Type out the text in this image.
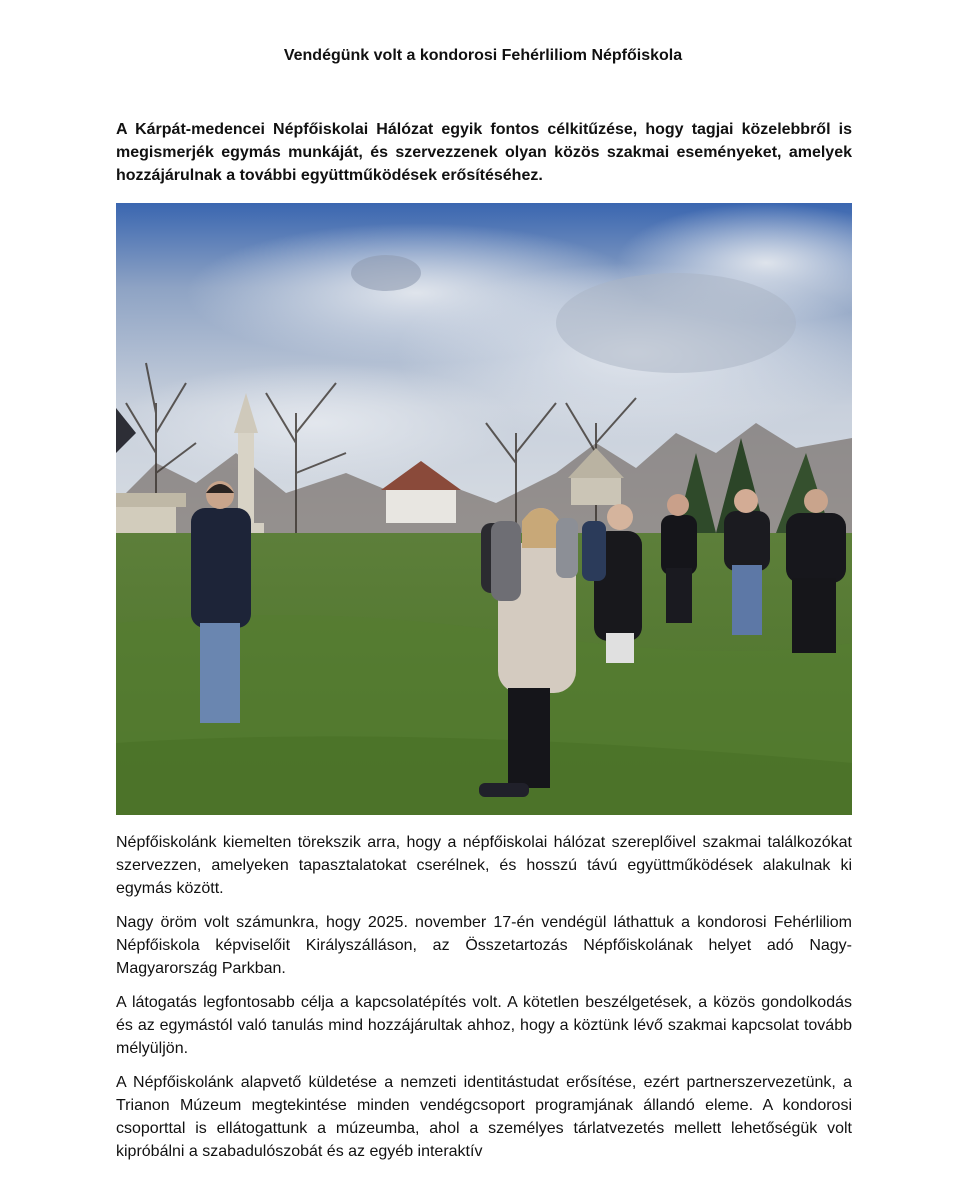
Vendégünk volt a kondorosi Fehérliliom Népfőiskola
A Kárpát-medencei Népfőiskolai Hálózat egyik fontos célkitűzése, hogy tagjai közelebbről is megismerjék egymás munkáját, és szervezzenek olyan közös szakmai eseményeket, amelyek hozzájárulnak a további együttműködések erősítéséhez.

Népfőiskolánk kiemelten törekszik arra, hogy a népfőiskolai hálózat szereplőivel szakmai találkozókat szervezzen, amelyeken tapasztalatokat cserélnek, és hosszú távú együttműködések alakulnak ki egymás között.

Nagy öröm volt számunkra, hogy 2025. november 17-én vendégül láthattuk a kondorosi Fehérliliom Népfőiskola képviselőit Királyszálláson, az Összetartozás Népfőiskolának helyet adó Nagy-Magyarország Parkban.

A látogatás legfontosabb célja a kapcsolatépítés volt. A kötetlen beszélgetések, a közös gondolkodás és az egymástól való tanulás mind hozzájárultak ahhoz, hogy a köztünk lévő szakmai kapcsolat tovább mélyüljön.

A Népfőiskolánk alapvető küldetése a nemzeti identitástudat erősítése, ezért partnerszervezetünk, a Trianon Múzeum megtekintése minden vendégcsoport programjának állandó eleme. A kondorosi csoporttal is ellátogattunk a múzeumba, ahol a személyes tárlatvezetés mellett lehetőségük volt kipróbálni a szabadulószobát és az egyéb interaktív
